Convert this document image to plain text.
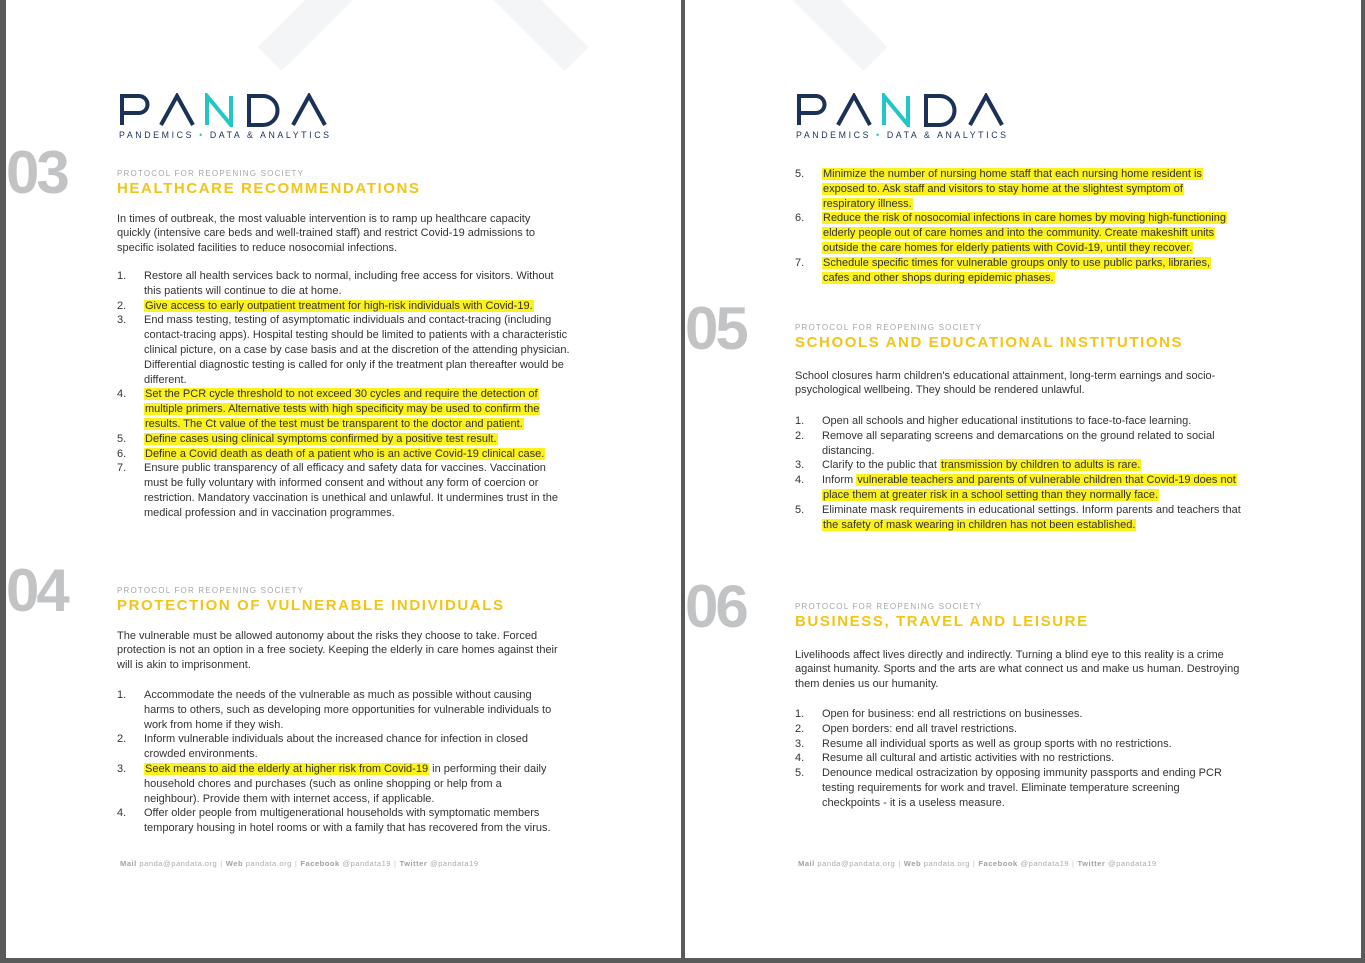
PANDEMICS • DATA & ANALYTICS
03	PROTOCOL FOR REOPENING SOCIETY
HEALTHCARE RECOMMENDATIONS

In times of outbreak, the most valuable intervention is to ramp up healthcare capacity quickly (intensive care beds and well-trained staff) and restrict Covid-19 admissions to specific isolated facilities to reduce nosocomial infections.

1. Restore all health services back to normal, including free access for visitors. Without this patients will continue to die at home.
2. Give access to early outpatient treatment for high-risk individuals with Covid-19.
3. End mass testing, testing of asymptomatic individuals and contact-tracing (including contact-tracing apps). Hospital testing should be limited to patients with a characteristic clinical picture, on a case by case basis and at the discretion of the attending physician. Differential diagnostic testing is called for only if the treatment plan thereafter would be different.
4. Set the PCR cycle threshold to not exceed 30 cycles and require the detection of multiple primers. Alternative tests with high specificity may be used to confirm the results. The Ct value of the test must be transparent to the doctor and patient.
5. Define cases using clinical symptoms confirmed by a positive test result.
6. Define a Covid death as death of a patient who is an active Covid-19 clinical case.
7. Ensure public transparency of all efficacy and safety data for vaccines. Vaccination must be fully voluntary with informed consent and without any form of coercion or restriction. Mandatory vaccination is unethical and unlawful. It undermines trust in the medical profession and in vaccination programmes.
04	PROTOCOL FOR REOPENING SOCIETY
PROTECTION OF VULNERABLE INDIVIDUALS

The vulnerable must be allowed autonomy about the risks they choose to take. Forced protection is not an option in a free society. Keeping the elderly in care homes against their will is akin to imprisonment.

1. Accommodate the needs of the vulnerable as much as possible without causing harms to others, such as developing more opportunities for vulnerable individuals to work from home if they wish.
2. Inform vulnerable individuals about the increased chance for infection in closed crowded environments.
3. Seek means to aid the elderly at higher risk from Covid-19 in performing their daily household chores and purchases (such as online shopping or help from a neighbour). Provide them with internet access, if applicable.
4. Offer older people from multigenerational households with symptomatic members temporary housing in hotel rooms or with a family that has recovered from the virus.
Mail panda@pandata.org | Web pandata.org | Facebook @pandata19 | Twitter @pandata19
PANDEMICS • DATA & ANALYTICS
5. Minimize the number of nursing home staff that each nursing home resident is exposed to. Ask staff and visitors to stay home at the slightest symptom of respiratory illness.
6. Reduce the risk of nosocomial infections in care homes by moving high-functioning elderly people out of care homes and into the community. Create makeshift units outside the care homes for elderly patients with Covid-19, until they recover.
7. Schedule specific times for vulnerable groups only to use public parks, libraries, cafes and other shops during epidemic phases.
05	PROTOCOL FOR REOPENING SOCIETY
SCHOOLS AND EDUCATIONAL INSTITUTIONS

School closures harm children's educational attainment, long-term earnings and socio-psychological wellbeing. They should be rendered unlawful.

1. Open all schools and higher educational institutions to face-to-face learning.
2. Remove all separating screens and demarcations on the ground related to social distancing.
3. Clarify to the public that transmission by children to adults is rare.
4. Inform vulnerable teachers and parents of vulnerable children that Covid-19 does not place them at greater risk in a school setting than they normally face.
5. Eliminate mask requirements in educational settings. Inform parents and teachers that the safety of mask wearing in children has not been established.
06	PROTOCOL FOR REOPENING SOCIETY
BUSINESS, TRAVEL AND LEISURE

Livelihoods affect lives directly and indirectly. Turning a blind eye to this reality is a crime against humanity. Sports and the arts are what connect us and make us human. Destroying them denies us our humanity.

1. Open for business: end all restrictions on businesses.
2. Open borders: end all travel restrictions.
3. Resume all individual sports as well as group sports with no restrictions.
4. Resume all cultural and artistic activities with no restrictions.
5. Denounce medical ostracization by opposing immunity passports and ending PCR testing requirements for work and travel. Eliminate temperature screening checkpoints - it is a useless measure.
Mail panda@pandata.org | Web pandata.org | Facebook @pandata19 | Twitter @pandata19
